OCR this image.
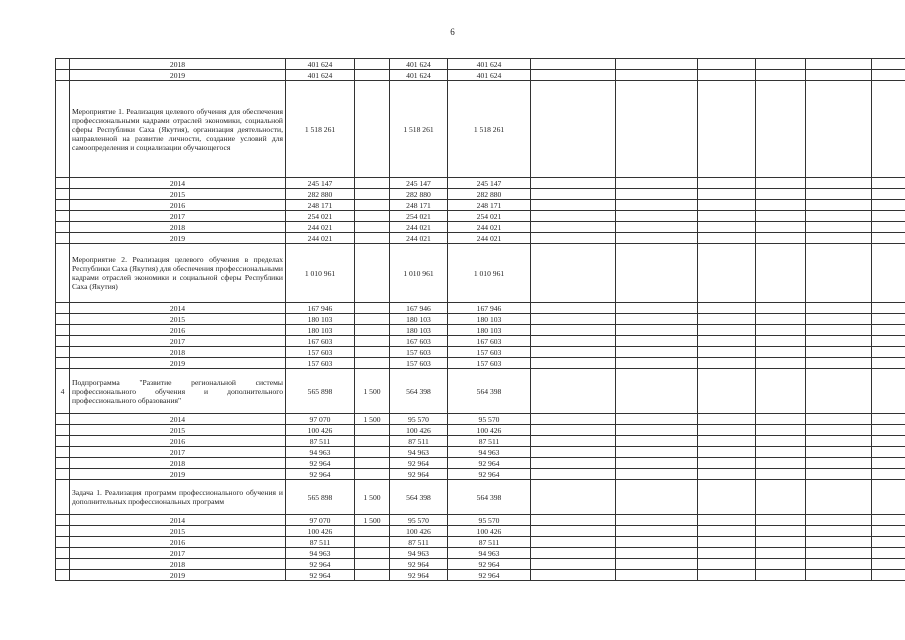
6
	2018	401 624		401 624	401 624						
	2019	401 624		401 624	401 624						
	Мероприятие 1. Реализация целевого обучения для обеспечения профессиональными кадрами отраслей экономики, социальной сферы Республики Саха (Якутия), организация деятельности, направленной на развитие личности, создание условий для самоопределения и социализации обучающегося	1 518 261		1 518 261	1 518 261						
	2014	245 147		245 147	245 147						
	2015	282 880		282 880	282 880						
	2016	248 171		248 171	248 171						
	2017	254 021		254 021	254 021						
	2018	244 021		244 021	244 021						
	2019	244 021		244 021	244 021						
	Мероприятие 2. Реализация целевого обучения в пределах Республики Саха (Якутия) для обеспечения профессиональными кадрами отраслей экономики и социальной сферы Республики Саха (Якутия)	1 010 961		1 010 961	1 010 961						
	2014	167 946		167 946	167 946						
	2015	180 103		180 103	180 103						
	2016	180 103		180 103	180 103						
	2017	167 603		167 603	167 603						
	2018	157 603		157 603	157 603						
	2019	157 603		157 603	157 603						
4	Подпрограмма "Развитие региональной системы профессионального обучения и дополнительного профессионального образования"	565 898	1 500	564 398	564 398						
	2014	97 070	1 500	95 570	95 570						
	2015	100 426		100 426	100 426						
	2016	87 511		87 511	87 511						
	2017	94 963		94 963	94 963						
	2018	92 964		92 964	92 964						
	2019	92 964		92 964	92 964						
	Задача 1. Реализация программ профессионального обучения и дополнительных профессиональных программ	565 898	1 500	564 398	564 398						
	2014	97 070	1 500	95 570	95 570						
	2015	100 426		100 426	100 426						
	2016	87 511		87 511	87 511						
	2017	94 963		94 963	94 963						
	2018	92 964		92 964	92 964						
	2019	92 964		92 964	92 964						
